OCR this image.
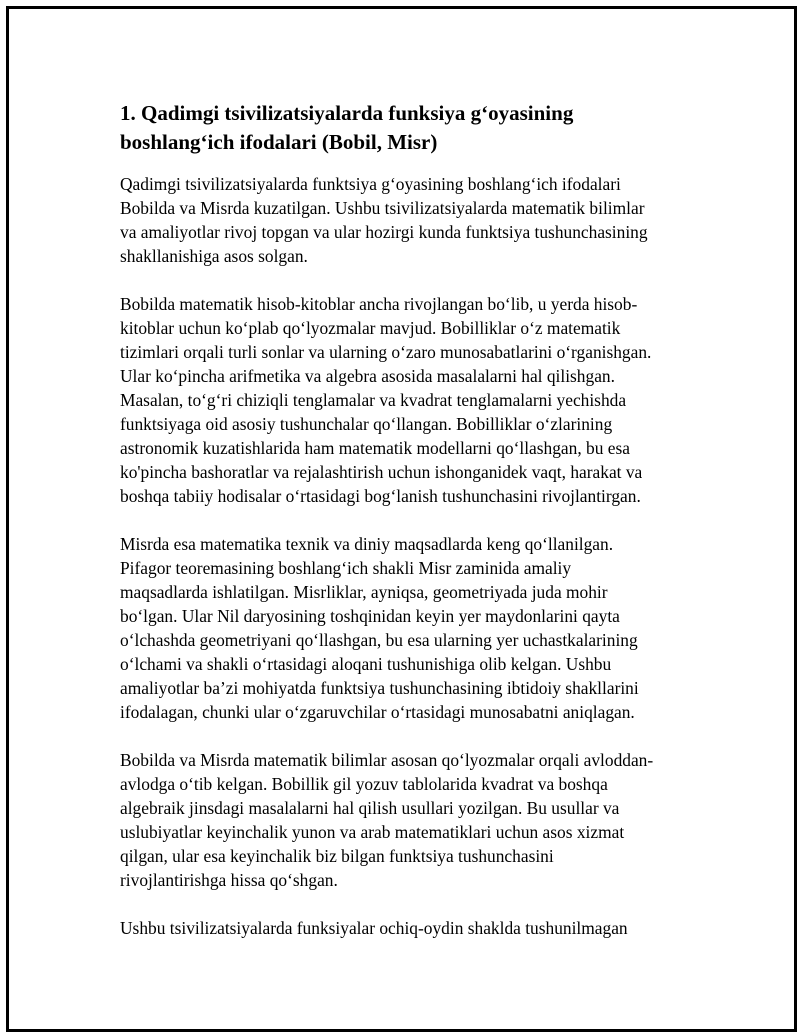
1. Qadimgi tsivilizatsiyalarda funksiya g‘oyasining
boshlang‘ich ifodalari (Bobil, Misr)

Qadimgi tsivilizatsiyalarda funktsiya g‘oyasining boshlang‘ich ifodalari
Bobilda va Misrda kuzatilgan. Ushbu tsivilizatsiyalarda matematik bilimlar
va amaliyotlar rivoj topgan va ular hozirgi kunda funktsiya tushunchasining
shakllanishiga asos solgan.

Bobilda matematik hisob-kitoblar ancha rivojlangan bo‘lib, u yerda hisob-
kitoblar uchun ko‘plab qo‘lyozmalar mavjud. Bobilliklar o‘z matematik
tizimlari orqali turli sonlar va ularning o‘zaro munosabatlarini o‘rganishgan.
Ular ko‘pincha arifmetika va algebra asosida masalalarni hal qilishgan.
Masalan, to‘g‘ri chiziqli tenglamalar va kvadrat tenglamalarni yechishda
funktsiyaga oid asosiy tushunchalar qo‘llangan. Bobilliklar o‘zlarining
astronomik kuzatishlarida ham matematik modellarni qo‘llashgan, bu esa
ko'pincha bashoratlar va rejalashtirish uchun ishonganidek vaqt, harakat va
boshqa tabiiy hodisalar o‘rtasidagi bog‘lanish tushunchasini rivojlantirgan.

Misrda esa matematika texnik va diniy maqsadlarda keng qo‘llanilgan.
Pifagor teoremasining boshlang‘ich shakli Misr zaminida amaliy
maqsadlarda ishlatilgan. Misrliklar, ayniqsa, geometriyada juda mohir
bo‘lgan. Ular Nil daryosining toshqinidan keyin yer maydonlarini qayta
o‘lchashda geometriyani qo‘llashgan, bu esa ularning yer uchastkalarining
o‘lchami va shakli o‘rtasidagi aloqani tushunishiga olib kelgan. Ushbu
amaliyotlar ba’zi mohiyatda funktsiya tushunchasining ibtidoiy shakllarini
ifodalagan, chunki ular o‘zgaruvchilar o‘rtasidagi munosabatni aniqlagan.

Bobilda va Misrda matematik bilimlar asosan qo‘lyozmalar orqali avloddan-
avlodga o‘tib kelgan. Bobillik gil yozuv tablolarida kvadrat va boshqa
algebraik jinsdagi masalalarni hal qilish usullari yozilgan. Bu usullar va
uslubiyatlar keyinchalik yunon va arab matematiklari uchun asos xizmat
qilgan, ular esa keyinchalik biz bilgan funktsiya tushunchasini
rivojlantirishga hissa qo‘shgan.

Ushbu tsivilizatsiyalarda funksiyalar ochiq-oydin shaklda tushunilmagan
